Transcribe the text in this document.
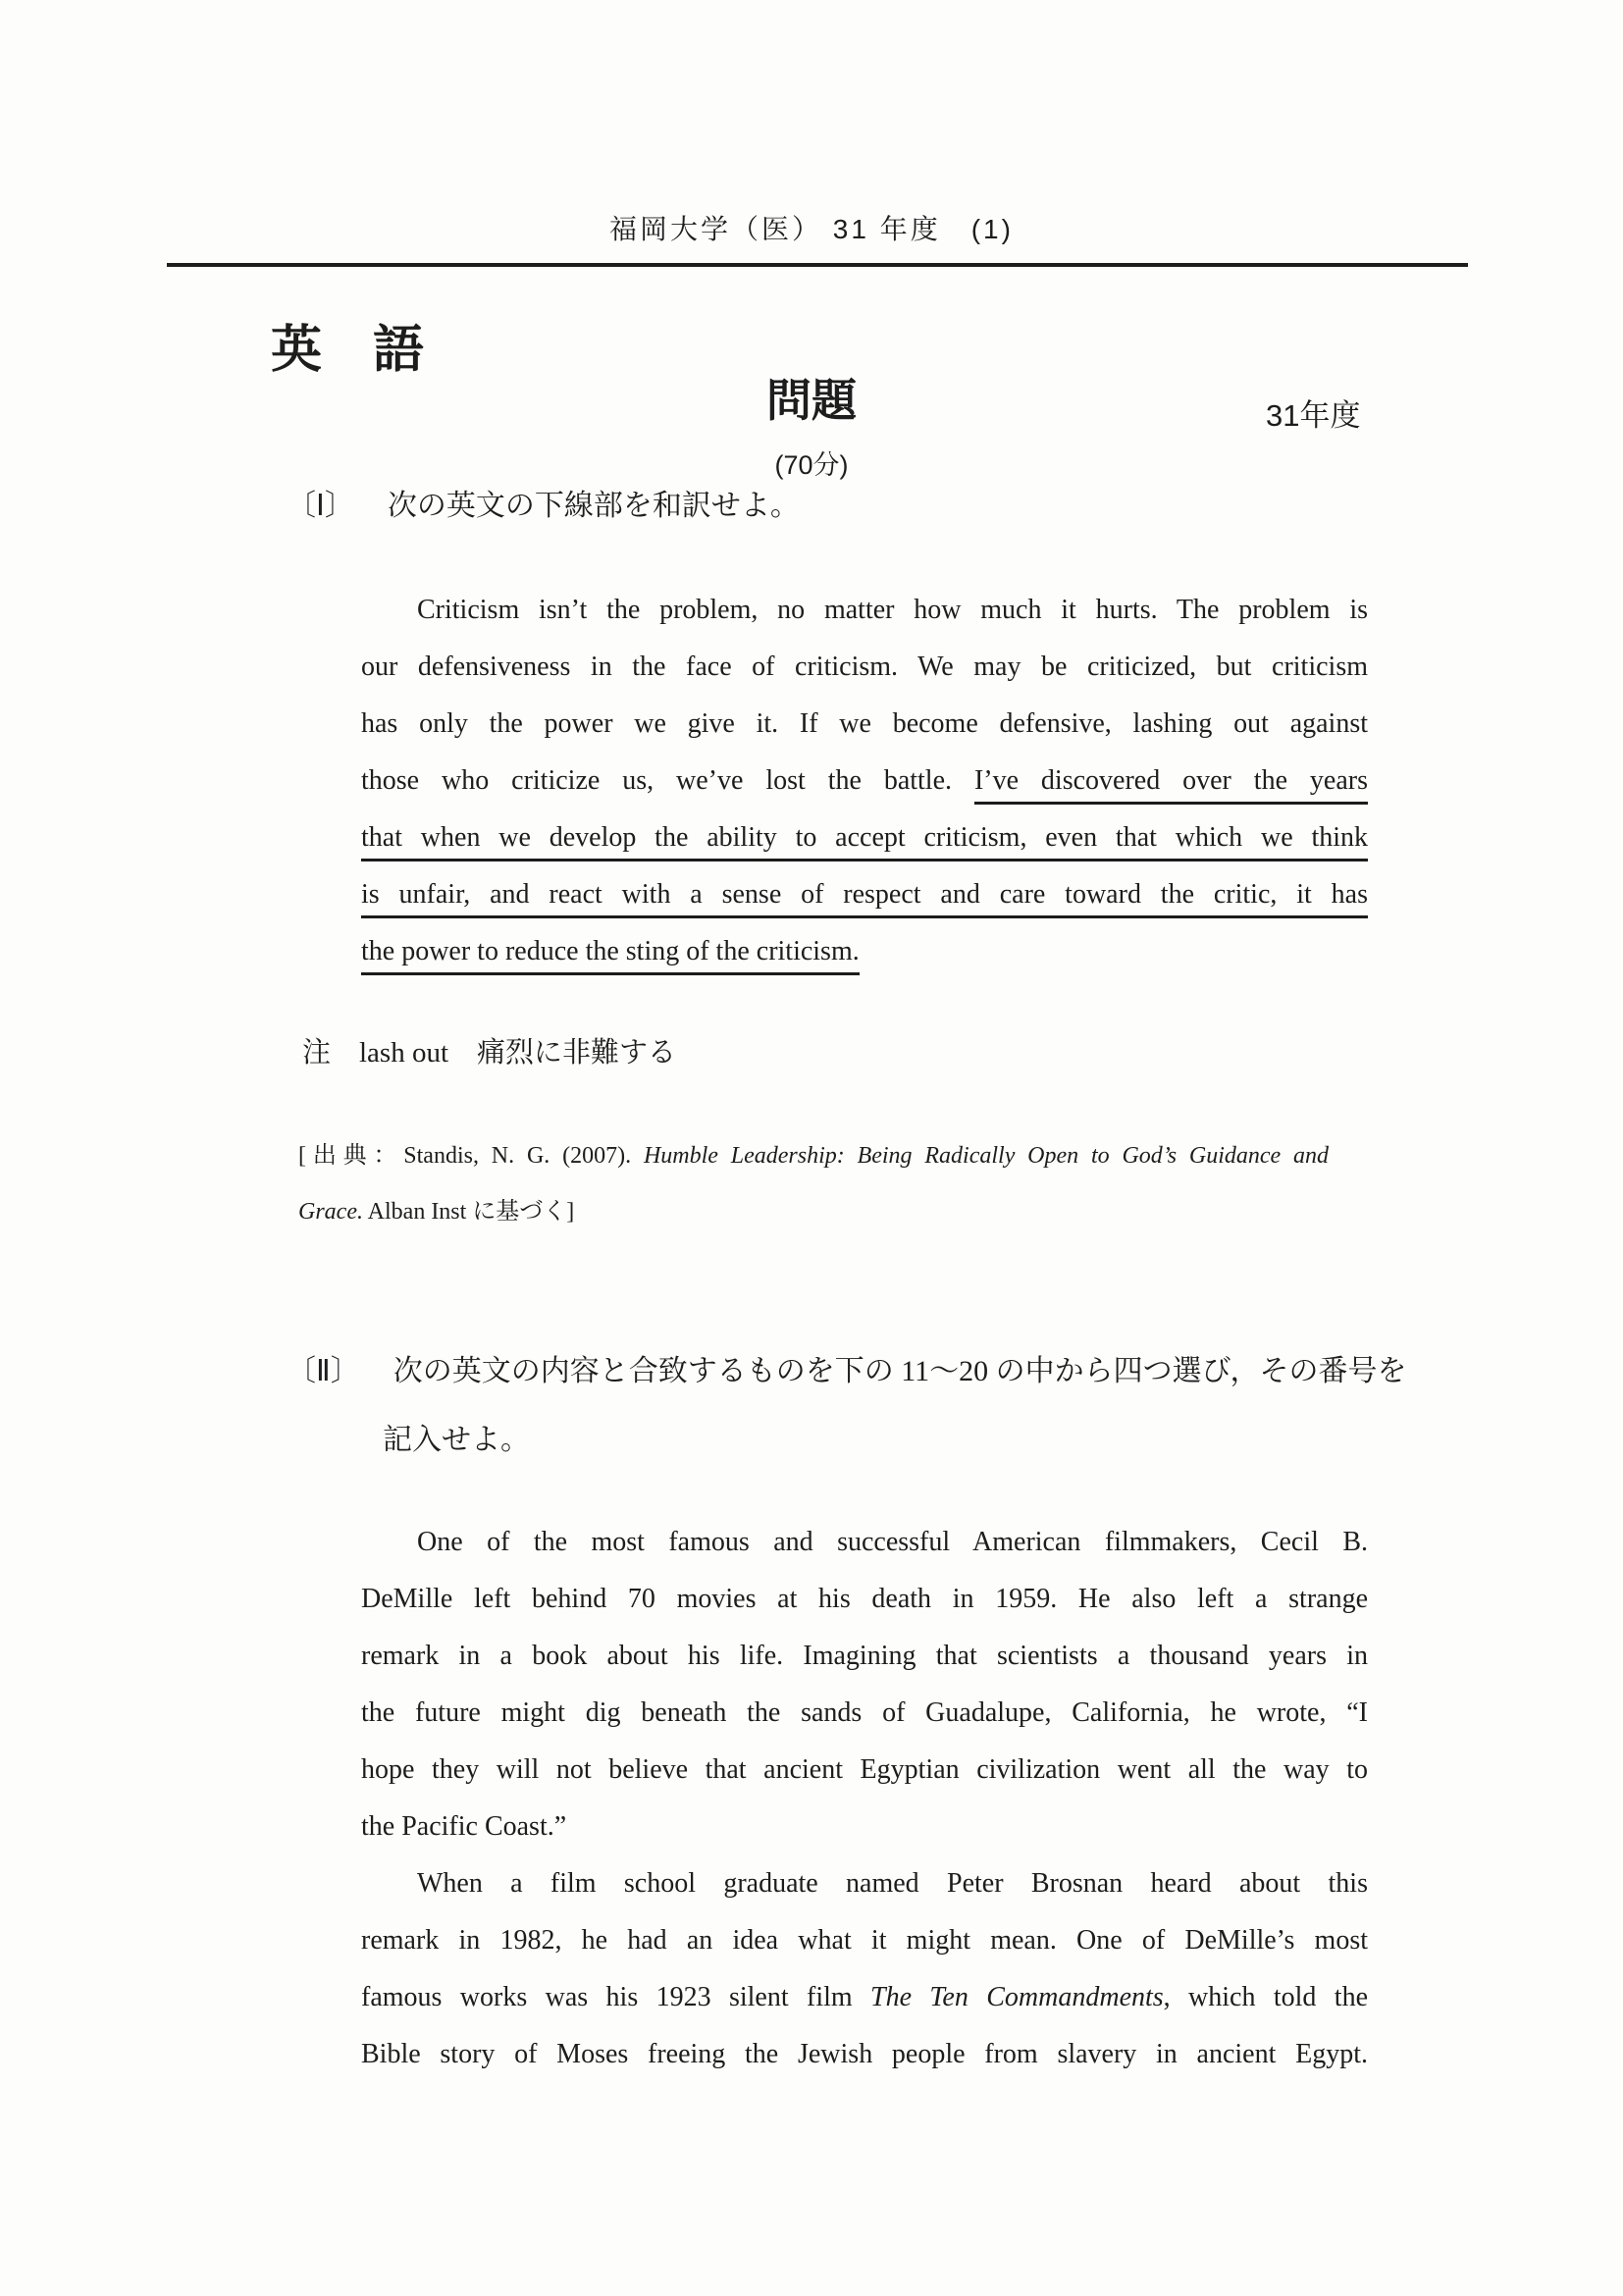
福岡大学（医） 31 年度　(1)
英　語
問題	31年度
(70分)
〔Ⅰ〕 次の英文の下線部を和訳せよ。
Criticism isn’t the problem, no matter how much it hurts. The problem is
our defensiveness in the face of criticism. We may be criticized, but criticism
has only the power we give it. If we become defensive, lashing out against
those who criticize us, we’ve lost the battle. I’ve discovered over the years
that when we develop the ability to accept criticism, even that which we think
is unfair, and react with a sense of respect and care toward the critic, it has
the power to reduce the sting of the criticism.
注　lash out　痛烈に非難する
[出典：Standis, N. G. (2007). Humble Leadership: Being Radically Open to God’s Guidance and
Grace. Alban Inst に基づく]
〔Ⅱ〕 次の英文の内容と合致するものを下の 11～20 の中から四つ選び，その番号を
記入せよ。
One of the most famous and successful American filmmakers, Cecil B.
DeMille left behind 70 movies at his death in 1959. He also left a strange
remark in a book about his life. Imagining that scientists a thousand years in
the future might dig beneath the sands of Guadalupe, California, he wrote, “I
hope they will not believe that ancient Egyptian civilization went all the way to
the Pacific Coast.”
When a film school graduate named Peter Brosnan heard about this
remark in 1982, he had an idea what it might mean. One of DeMille’s most
famous works was his 1923 silent film The Ten Commandments, which told the
Bible story of Moses freeing the Jewish people from slavery in ancient Egypt.
